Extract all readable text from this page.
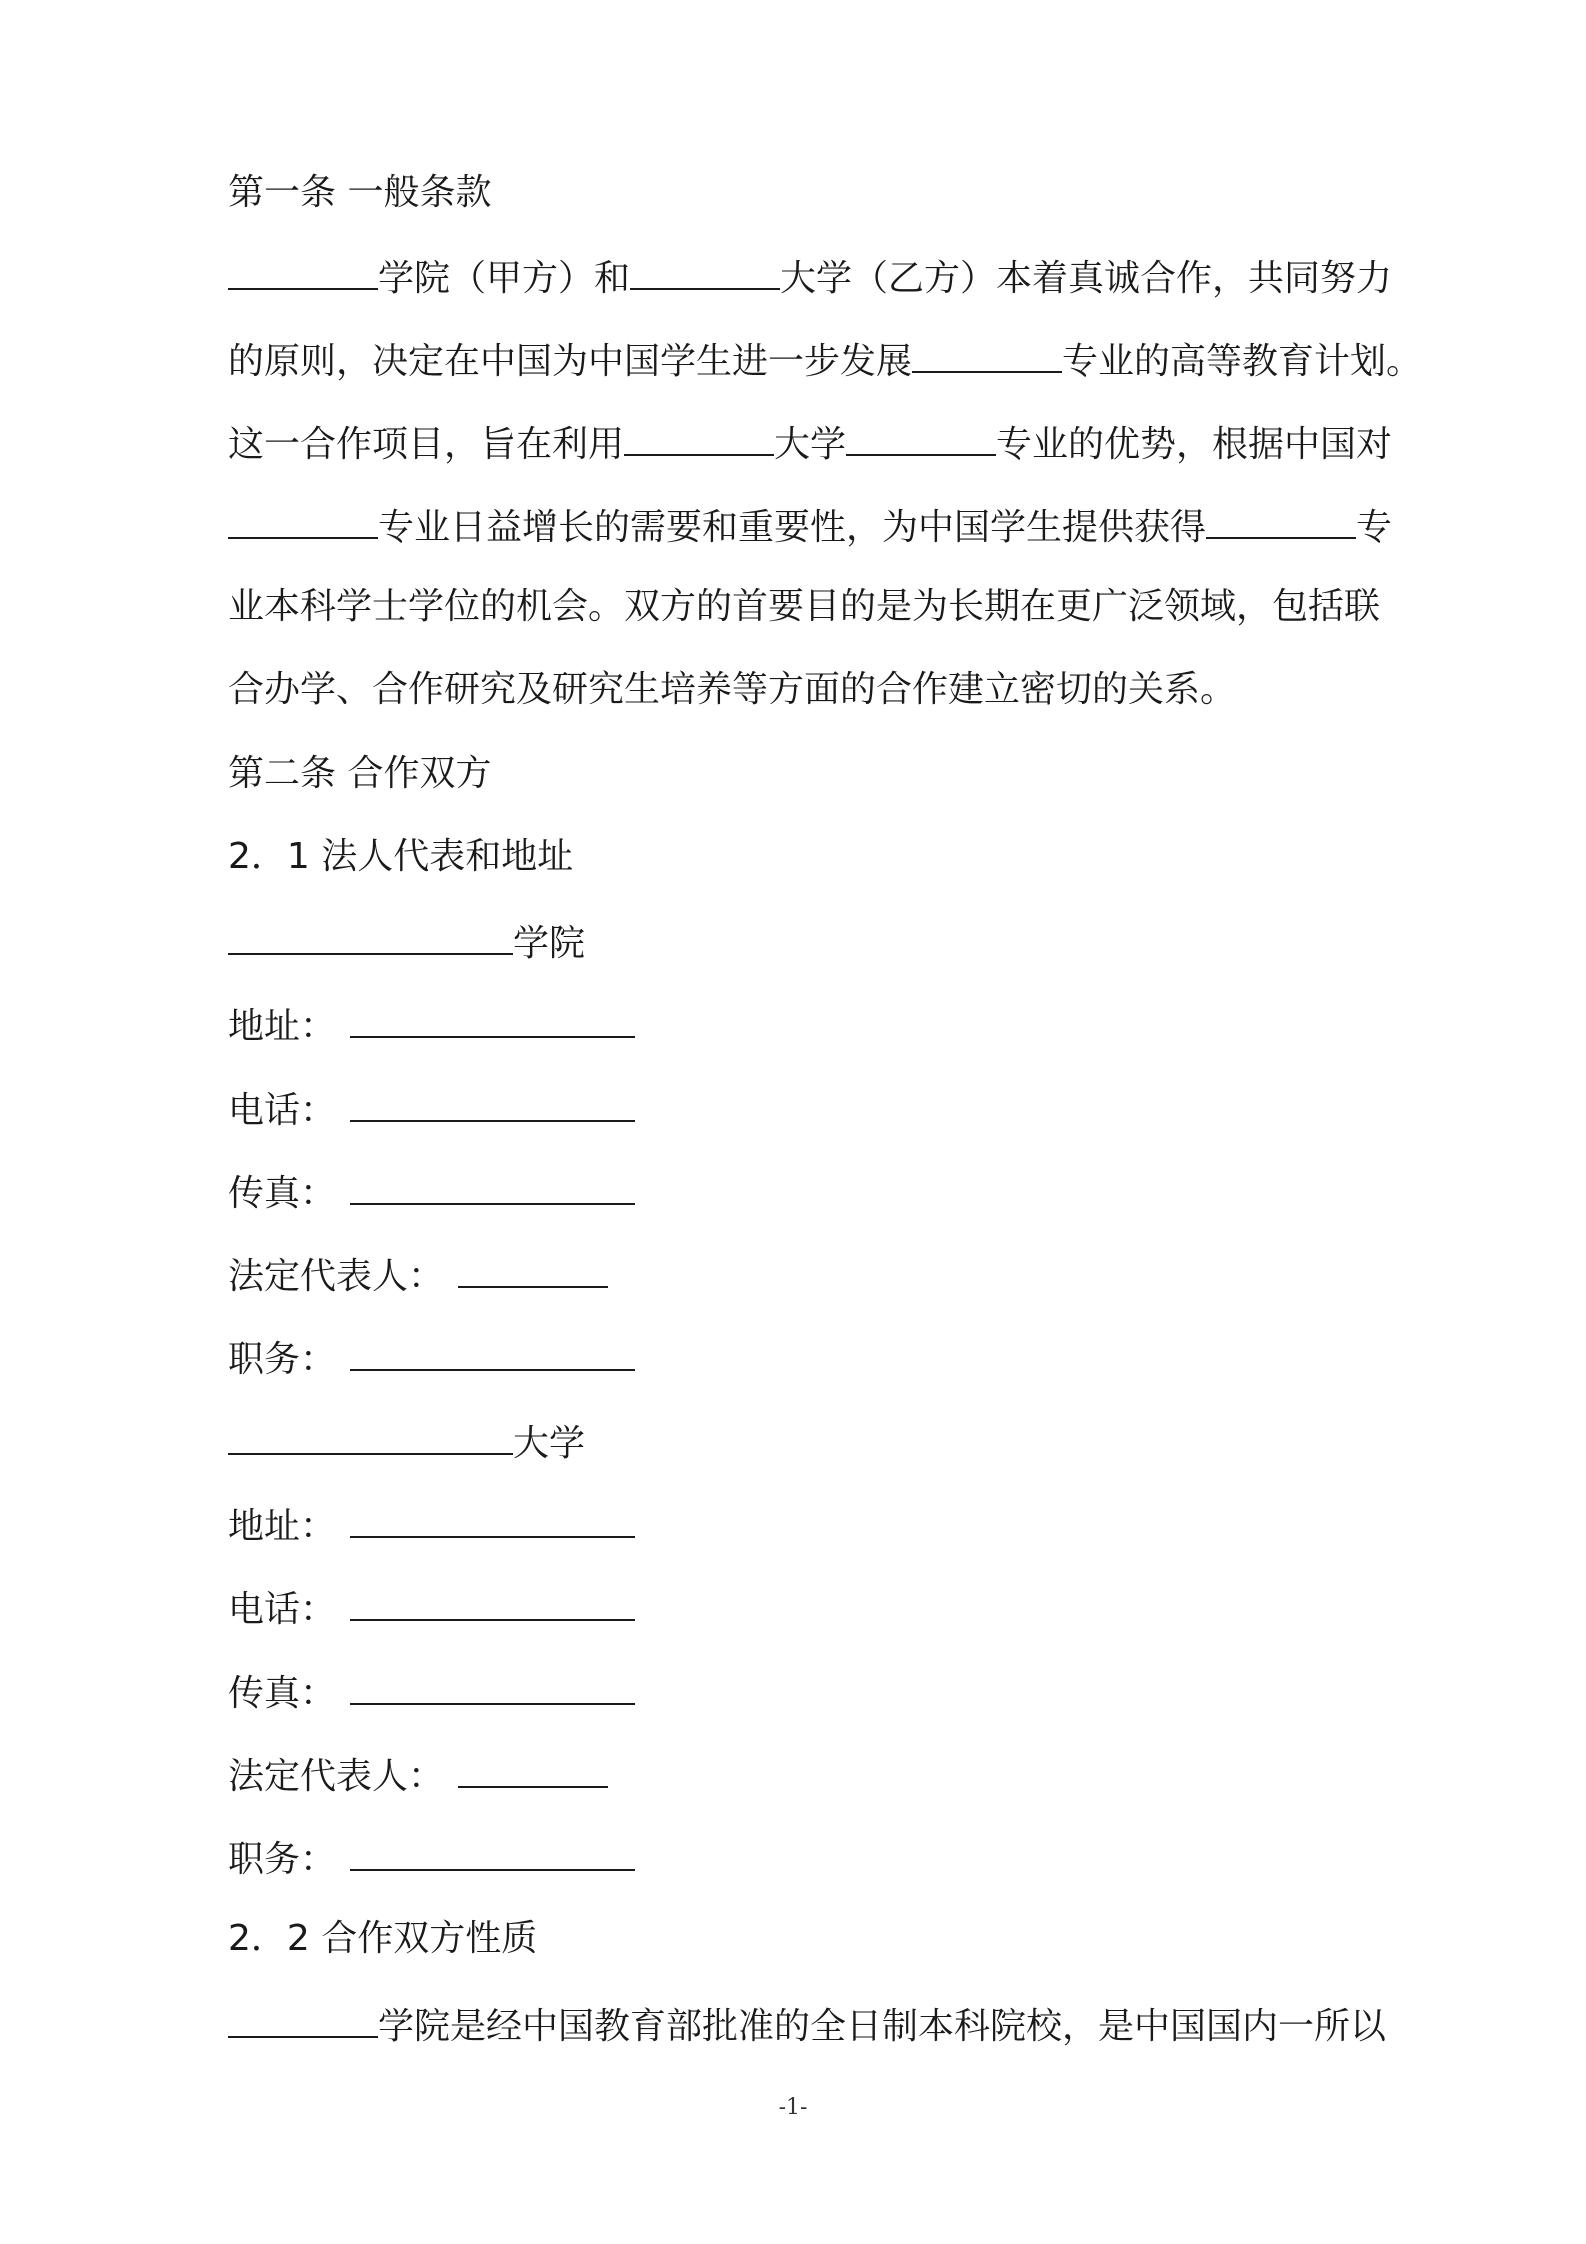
第一条 一般条款
学院（甲方）和	大学（乙方）本着真诚合作，共同努力
的原则，决定在中国为中国学生进一步发展	专业的高等教育计划。
这一合作项目，旨在利用	大学	专业的优势，根据中国对
专业日益增长的需要和重要性，为中国学生提供获得	专
业本科学士学位的机会。双方的首要目的是为长期在更广泛领域，包括联
合办学、合作研究及研究生培养等方面的合作建立密切的关系。
第二条 合作双方
2．1 法人代表和地址
学院
地址：
电话：
传真：
法定代表人：
职务：
大学
地址：
电话：
传真：
法定代表人：
职务：
2．2 合作双方性质
学院是经中国教育部批准的全日制本科院校，是中国国内一所以
-1-
